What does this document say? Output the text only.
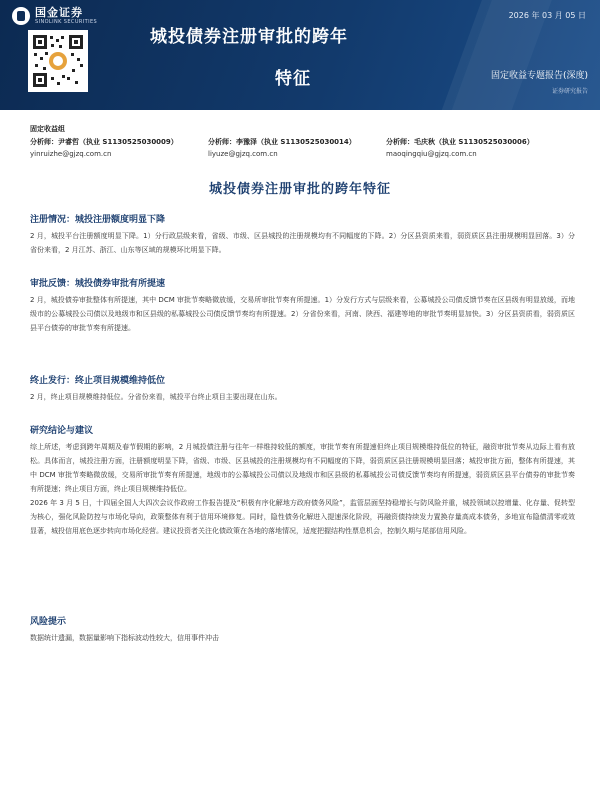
国金证券
SINOLINK SECURITIES
2026 年 03 月 05 日
城投债券注册审批的跨年
特征	固定收益专题报告(深度)
证券研究报告
固定收益组
分析师：尹睿哲（执业 S1130525030009）
yinruizhe@gjzq.com.cn
分析师：李豫泽（执业 S1130525030014）
liyuze@gjzq.com.cn
分析师：毛庆秋（执业 S1130525030006）
maoqingqiu@gjzq.com.cn
城投债券注册审批的跨年特征
注册情况：城投注册额度明显下降

2 月，城投平台注册额度明显下降。1）分行政层级来看，省级、市级、区县城投的注册规模均有不同幅度的下降。2）分区县资质来看，弱资质区县注册规模明显回落。3）分省份来看，2 月江苏、浙江、山东等区域的规模环比明显下降。

审批反馈：城投债券审批有所提速

2 月，城投债券审批整体有所提速，其中 DCM 审批节奏略微放缓，交易所审批节奏有所提速。1）分发行方式与层级来看，公募城投公司债反馈节奏在区县级有明显放缓，而地级市的公募城投公司债以及地级市和区县级的私募城投公司债反馈节奏均有所提速。2）分省份来看，河南、陕西、福建等地的审批节奏明显加快。3）分区县资质看，弱资质区县平台债券的审批节奏有所提速。

终止发行：终止项目规模维持低位

2 月，终止项目规模维持低位。分省份来看，城投平台终止项目主要出现在山东。

研究结论与建议

综上所述，考虑到跨年周期及春节假期的影响，2 月城投债注册与往年一样维持较低的额度，审批节奏有所提速但终止项目规模维持低位的特征，融资审批节奏从边际上看有放松。具体而言，城投注册方面，注册额度明显下降，省级、市级、区县城投的注册规模均有不同幅度的下降，弱资质区县注册规模明显回落；城投审批方面，整体有所提速，其中 DCM 审批节奏略微放缓，交易所审批节奏有所提速，地级市的公募城投公司债以及地级市和区县级的私募城投公司债反馈节奏均有所提速，弱资质区县平台债券的审批节奏有所提速；终止项目方面，终止项目规模维持低位。

2026 年 3 月 5 日，十四届全国人大四次会议作政府工作报告提及“积极有序化解地方政府债务风险”，监管层面坚持稳增长与防风险并重，城投领域以控增量、化存量、促转型为核心，强化风险防控与市场化导向，政策整体有利于信用环境修复。同时，隐性债务化解进入提速深化阶段，再融资债持续发力置换存量高成本债务，多地宣布隐债清零或效显著，城投信用底色逐步转向市场化经营。建议投资者关注化债政策在各地的落地情况，适度把握结构性票息机会，控制久期与尾部信用风险。

风险提示

数据统计遗漏，数据量影响下指标波动性较大，信用事件冲击
